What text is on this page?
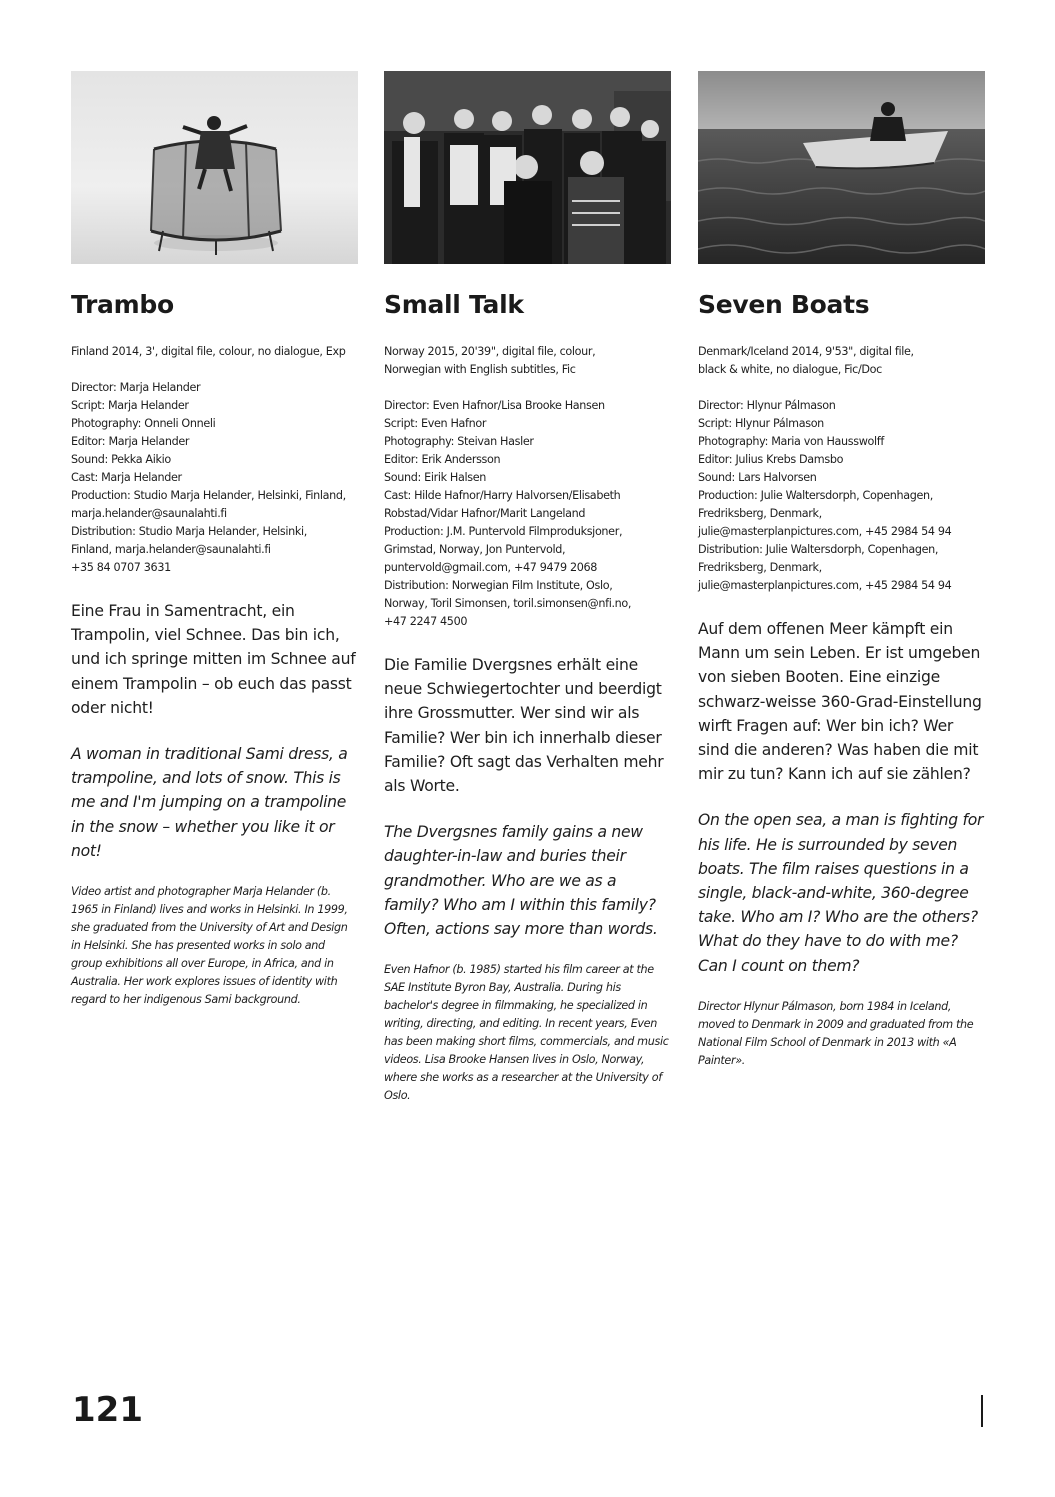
Trambo
Finland 2014, 3', digital file, colour, no dialogue, Exp
Director: Marja Helander
Script: Marja Helander
Photography: Onneli Onneli
Editor: Marja Helander
Sound: Pekka Aikio
Cast: Marja Helander
Production: Studio Marja Helander, Helsinki, Finland,
marja.helander@saunalahti.fi
Distribution: Studio Marja Helander, Helsinki,
Finland, marja.helander@saunalahti.fi
+35 84 0707 3631

Eine Frau in Samentracht, ein Trampolin, viel Schnee. Das bin ich, und ich springe mitten im Schnee auf einem Trampolin – ob euch das passt oder nicht!

A woman in traditional Sami dress, a trampoline, and lots of snow. This is me and I'm jumping on a trampoline in the snow – whether you like it or not!

Video artist and photographer Marja Helander (b. 1965 in Finland) lives and works in Helsinki. In 1999, she graduated from the University of Art and Design in Helsinki. She has presented works in solo and group exhibitions all over Europe, in Africa, and in Australia. Her work explores issues of identity with regard to her indigenous Sami background.

Small Talk
Norway 2015, 20'39", digital file, colour,
Norwegian with English subtitles, Fic
Director: Even Hafnor/Lisa Brooke Hansen
Script: Even Hafnor
Photography: Steivan Hasler
Editor: Erik Andersson
Sound: Eirik Halsen
Cast: Hilde Hafnor/Harry Halvorsen/Elisabeth
Robstad/Vidar Hafnor/Marit Langeland
Production: J.M. Puntervold Filmproduksjoner,
Grimstad, Norway, Jon Puntervold,
puntervold@gmail.com, +47 9479 2068
Distribution: Norwegian Film Institute, Oslo,
Norway, Toril Simonsen, toril.simonsen@nfi.no,
+47 2247 4500

Die Familie Dvergsnes erhält eine neue Schwiegertochter und beerdigt ihre Grossmutter. Wer sind wir als Familie? Wer bin ich innerhalb dieser Familie? Oft sagt das Verhalten mehr als Worte.

The Dvergsnes family gains a new daughter-in-law and buries their grandmother. Who are we as a family? Who am I within this family? Often, actions say more than words.

Even Hafnor (b. 1985) started his film career at the SAE Institute Byron Bay, Australia. During his bachelor's degree in filmmaking, he specialized in writing, directing, and editing. In recent years, Even has been making short films, commercials, and music videos. Lisa Brooke Hansen lives in Oslo, Norway, where she works as a researcher at the University of Oslo.

Seven Boats
Denmark/Iceland 2014, 9'53", digital file,
black & white, no dialogue, Fic/Doc
Director: Hlynur Pálmason
Script: Hlynur Pálmason
Photography: Maria von Hausswolff
Editor: Julius Krebs Damsbo
Sound: Lars Halvorsen
Production: Julie Waltersdorph, Copenhagen,
Fredriksberg, Denmark,
julie@masterplanpictures.com, +45 2984 54 94
Distribution: Julie Waltersdorph, Copenhagen,
Fredriksberg, Denmark,
julie@masterplanpictures.com, +45 2984 54 94

Auf dem offenen Meer kämpft ein Mann um sein Leben. Er ist umgeben von sieben Booten. Eine einzige schwarz-weisse 360-Grad-Einstellung wirft Fragen auf: Wer bin ich? Wer sind die anderen? Was haben die mit mir zu tun? Kann ich auf sie zählen?

On the open sea, a man is fighting for his life. He is surrounded by seven boats. The film raises questions in a single, black-and-white, 360-degree take. Who am I? Who are the others? What do they have to do with me? Can I count on them?

Director Hlynur Pálmason, born 1984 in Iceland, moved to Denmark in 2009 and graduated from the National Film School of Denmark in 2013 with «A Painter».

121
